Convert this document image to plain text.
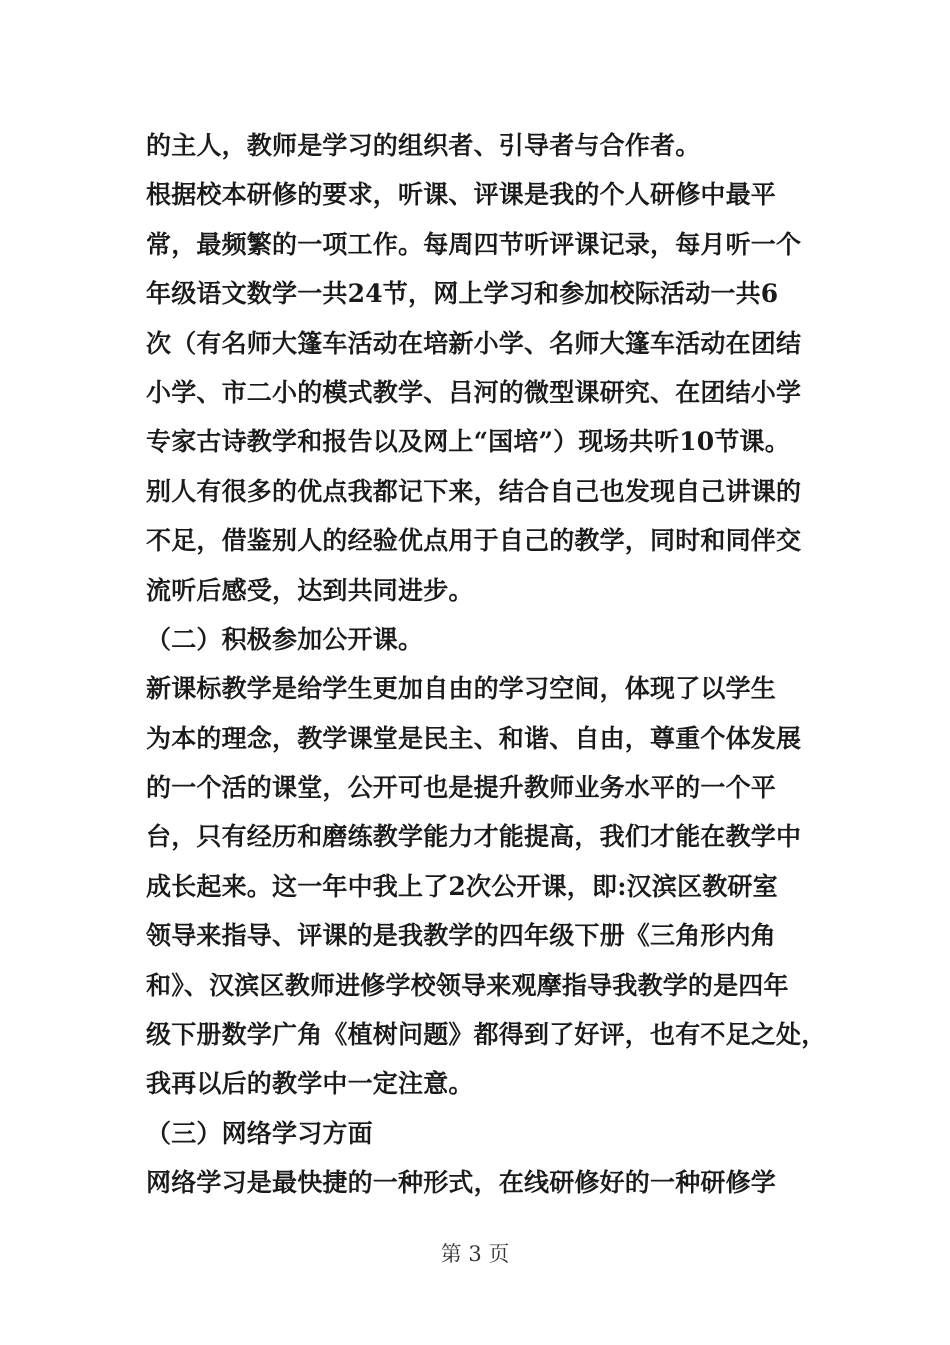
的主人，教师是学习的组织者、引导者与合作者。
根据校本研修的要求，听课、评课是我的个人研修中最平
常，最频繁的一项工作。每周四节听评课记录，每月听一个
年级语文数学一共24节，网上学习和参加校际活动一共6
次（有名师大篷车活动在培新小学、名师大篷车活动在团结
小学、市二小的模式教学、吕河的微型课研究、在团结小学
专家古诗教学和报告以及网上“国培”）现场共听10节课。
别人有很多的优点我都记下来，结合自己也发现自己讲课的
不足，借鉴别人的经验优点用于自己的教学，同时和同伴交
流听后感受，达到共同进步。
（二）积极参加公开课。
新课标教学是给学生更加自由的学习空间，体现了以学生
为本的理念，教学课堂是民主、和谐、自由，尊重个体发展
的一个活的课堂，公开可也是提升教师业务水平的一个平
台，只有经历和磨练教学能力才能提高，我们才能在教学中
成长起来。这一年中我上了2次公开课，即:汉滨区教研室
领导来指导、评课的是我教学的四年级下册《三角形内角
和》、汉滨区教师进修学校领导来观摩指导我教学的是四年
级下册数学广角《植树问题》都得到了好评，也有不足之处，
我再以后的教学中一定注意。
（三）网络学习方面
网络学习是最快捷的一种形式，在线研修好的一种研修学
第 3 页
